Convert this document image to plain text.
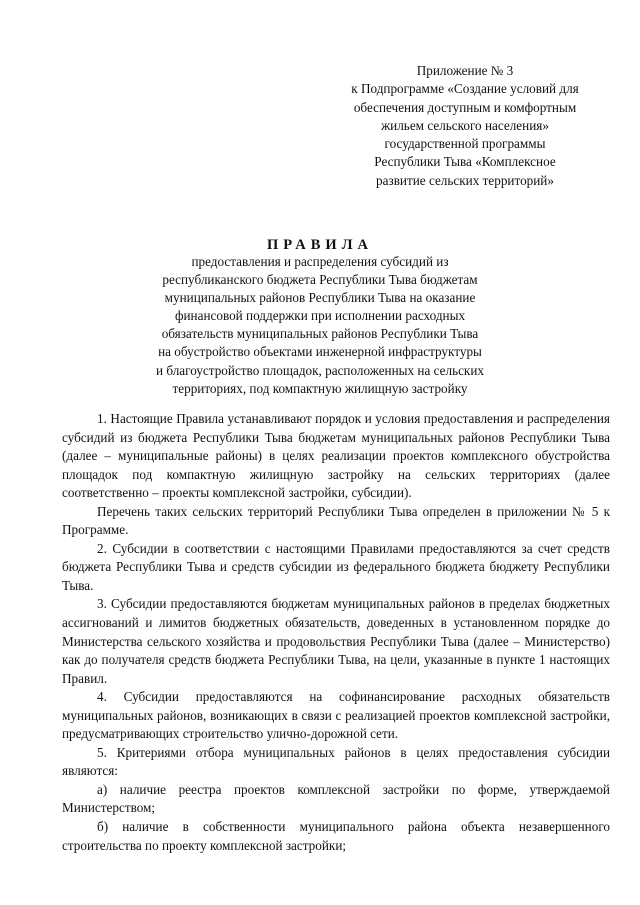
Приложение № 3
к Подпрограмме «Создание условий для
обеспечения доступным и комфортным
жильем сельского населения»
государственной программы
Республики Тыва «Комплексное
развитие сельских территорий»
ПРАВИЛА
предоставления и распределения субсидий из
республиканского бюджета Республики Тыва бюджетам
муниципальных районов Республики Тыва на оказание
финансовой поддержки при исполнении расходных
обязательств муниципальных районов Республики Тыва
на обустройство объектами инженерной инфраструктуры
и благоустройство площадок, расположенных на сельских
территориях, под компактную жилищную застройку

1. Настоящие Правила устанавливают порядок и условия предоставления и распределения субсидий из бюджета Республики Тыва бюджетам муниципальных районов Республики Тыва (далее – муниципальные районы) в целях реализации проектов комплексного обустройства площадок под компактную жилищную застройку на сельских территориях (далее соответственно – проекты комплексной застройки, субсидии).

Перечень таких сельских территорий Республики Тыва определен в приложении № 5 к Программе.

2. Субсидии в соответствии с настоящими Правилами предоставляются за счет средств бюджета Республики Тыва и средств субсидии из федерального бюджета бюджету Республики Тыва.

3. Субсидии предоставляются бюджетам муниципальных районов в пределах бюджетных ассигнований и лимитов бюджетных обязательств, доведенных в установленном порядке до Министерства сельского хозяйства и продовольствия Республики Тыва (далее – Министерство) как до получателя средств бюджета Республики Тыва, на цели, указанные в пункте 1 настоящих Правил.

4. Субсидии предоставляются на софинансирование расходных обязательств муниципальных районов, возникающих в связи с реализацией проектов комплексной застройки, предусматривающих строительство улично-дорожной сети.

5. Критериями отбора муниципальных районов в целях предоставления субсидии являются:

а) наличие реестра проектов комплексной застройки по форме, утверждаемой Министерством;

б) наличие в собственности муниципального района объекта незавершенного строительства по проекту комплексной застройки;
